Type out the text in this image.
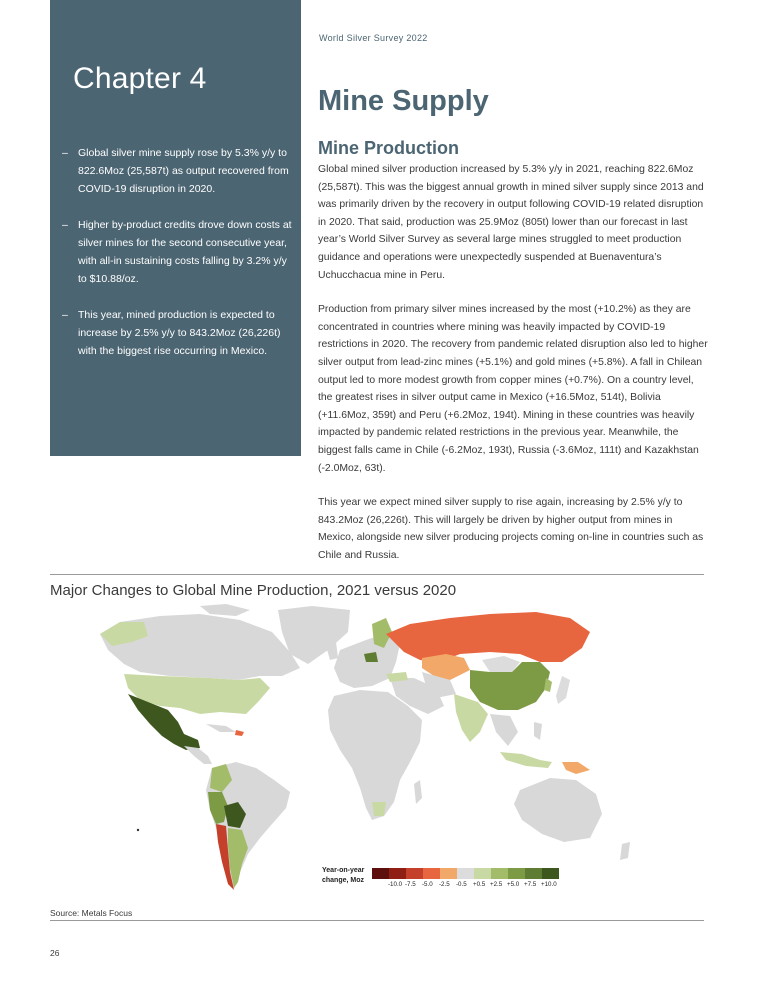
Chapter 4
– Global silver mine supply rose by 5.3% y/y to 822.6Moz (25,587t) as output recovered from COVID-19 disruption in 2020.
– Higher by-product credits drove down costs at silver mines for the second consecutive year, with all-in sustaining costs falling by 3.2% y/y to $10.88/oz.
– This year, mined production is expected to increase by 2.5% y/y to 843.2Moz (26,226t) with the biggest rise occurring in Mexico.
World Silver Survey 2022
Mine Supply
Mine Production

Global mined silver production increased by 5.3% y/y in 2021, reaching 822.6Moz (25,587t). This was the biggest annual growth in mined silver supply since 2013 and was primarily driven by the recovery in output following COVID-19 related disruption in 2020. That said, production was 25.9Moz (805t) lower than our forecast in last year’s World Silver Survey as several large mines struggled to meet production guidance and operations were unexpectedly suspended at Buenaventura’s Uchucchacua mine in Peru.

Production from primary silver mines increased by the most (+10.2%) as they are concentrated in countries where mining was heavily impacted by COVID-19 restrictions in 2020. The recovery from pandemic related disruption also led to higher silver output from lead-zinc mines (+5.1%) and gold mines (+5.8%). A fall in Chilean output led to more modest growth from copper mines (+0.7%). On a country level, the greatest rises in silver output came in Mexico (+16.5Moz, 514t), Bolivia (+11.6Moz, 359t) and Peru (+6.2Moz, 194t). Mining in these countries was heavily impacted by pandemic related restrictions in the previous year. Meanwhile, the biggest falls came in Chile (-6.2Moz, 193t), Russia (-3.6Moz, 111t) and Kazakhstan (-2.0Moz, 63t).

This year we expect mined silver supply to rise again, increasing by 2.5% y/y to 843.2Moz (26,226t). This will largely be driven by higher output from mines in Mexico, alongside new silver producing projects coming on-line in countries such as Chile and Russia.

Major Changes to Global Mine Production, 2021 versus 2020
Year-on-year change, Moz
-10.0 -7.5 -5.0 -2.5 -0.5 +0.5 +2.5 +5.0 +7.5 +10.0
Source: Metals Focus
26
